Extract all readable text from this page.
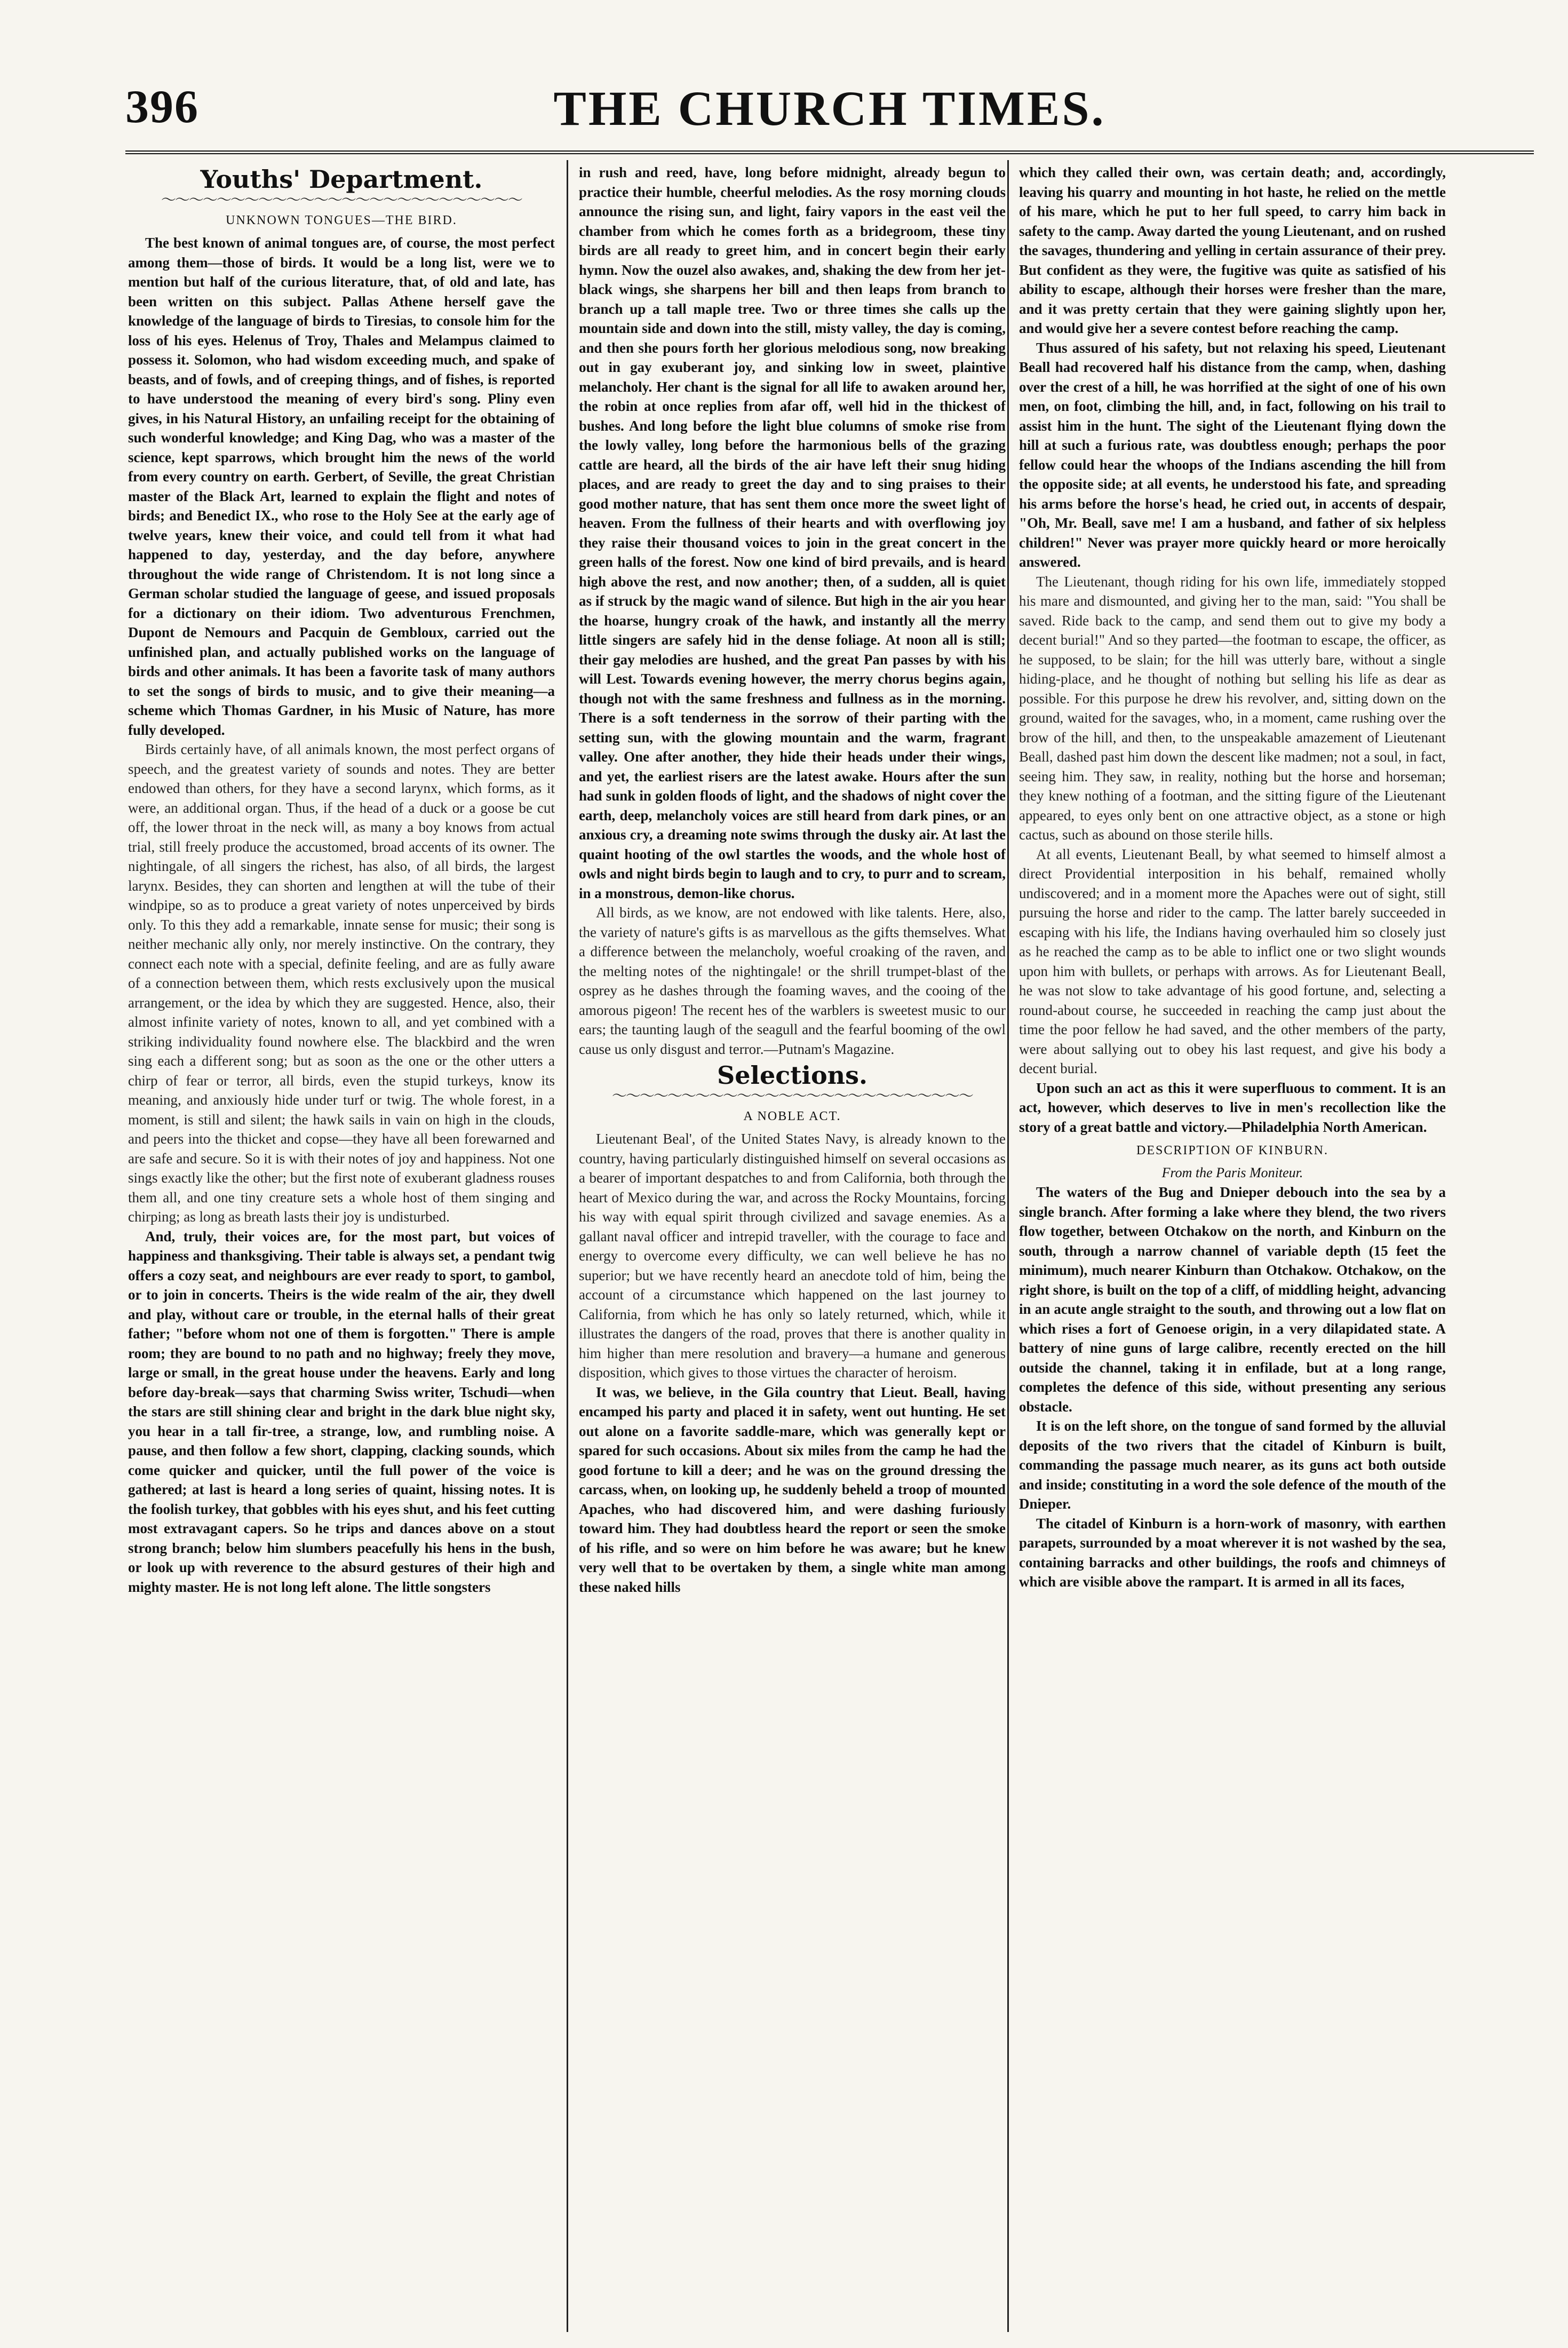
396	THE CHURCH TIMES.
Youths' Department.
〜〜〜〜〜〜〜〜〜〜〜〜〜〜〜〜〜〜〜〜〜〜〜〜〜〜
UNKNOWN TONGUES—THE BIRD.

The best known of animal tongues are, of course, the most perfect among them—those of birds. It would be a long list, were we to mention but half of the curious literature, that, of old and late, has been written on this subject. Pallas Athene herself gave the knowledge of the language of birds to Tiresias, to console him for the loss of his eyes. Helenus of Troy, Thales and Melampus claimed to possess it. Solomon, who had wisdom exceeding much, and spake of beasts, and of fowls, and of creeping things, and of fishes, is reported to have understood the meaning of every bird's song. Pliny even gives, in his Natural History, an unfailing receipt for the obtaining of such wonderful knowledge; and King Dag, who was a master of the science, kept sparrows, which brought him the news of the world from every country on earth. Gerbert, of Seville, the great Christian master of the Black Art, learned to explain the flight and notes of birds; and Benedict IX., who rose to the Holy See at the early age of twelve years, knew their voice, and could tell from it what had happened to day, yesterday, and the day before, anywhere throughout the wide range of Christendom. It is not long since a German scholar studied the language of geese, and issued proposals for a dictionary on their idiom. Two adventurous Frenchmen, Dupont de Nemours and Pacquin de Gembloux, carried out the unfinished plan, and actually published works on the language of birds and other animals. It has been a favorite task of many authors to set the songs of birds to music, and to give their meaning—a scheme which Thomas Gardner, in his Music of Nature, has more fully developed.

Birds certainly have, of all animals known, the most perfect organs of speech, and the greatest variety of sounds and notes. They are better endowed than others, for they have a second larynx, which forms, as it were, an additional organ. Thus, if the head of a duck or a goose be cut off, the lower throat in the neck will, as many a boy knows from actual trial, still freely produce the accustomed, broad accents of its owner. The nightingale, of all singers the richest, has also, of all birds, the largest larynx. Besides, they can shorten and lengthen at will the tube of their windpipe, so as to produce a great variety of notes unperceived by birds only. To this they add a remarkable, innate sense for music; their song is neither mechanic ally only, nor merely instinctive. On the contrary, they connect each note with a special, definite feeling, and are as fully aware of a connection between them, which rests exclusively upon the musical arrangement, or the idea by which they are suggested. Hence, also, their almost infinite variety of notes, known to all, and yet combined with a striking individuality found nowhere else. The blackbird and the wren sing each a different song; but as soon as the one or the other utters a chirp of fear or terror, all birds, even the stupid turkeys, know its meaning, and anxiously hide under turf or twig. The whole forest, in a moment, is still and silent; the hawk sails in vain on high in the clouds, and peers into the thicket and copse—they have all been forewarned and are safe and secure. So it is with their notes of joy and happiness. Not one sings exactly like the other; but the first note of exuberant gladness rouses them all, and one tiny creature sets a whole host of them singing and chirping; as long as breath lasts their joy is undisturbed.

And, truly, their voices are, for the most part, but voices of happiness and thanksgiving. Their table is always set, a pendant twig offers a cozy seat, and neighbours are ever ready to sport, to gambol, or to join in concerts. Theirs is the wide realm of the air, they dwell and play, without care or trouble, in the eternal halls of their great father; "before whom not one of them is forgotten." There is ample room; they are bound to no path and no highway; freely they move, large or small, in the great house under the heavens. Early and long before day-break—says that charming Swiss writer, Tschudi—when the stars are still shining clear and bright in the dark blue night sky, you hear in a tall fir-tree, a strange, low, and rumbling noise. A pause, and then follow a few short, clapping, clacking sounds, which come quicker and quicker, until the full power of the voice is gathered; at last is heard a long series of quaint, hissing notes. It is the foolish turkey, that gobbles with his eyes shut, and his feet cutting most extravagant capers. So he trips and dances above on a stout strong branch; below him slumbers peacefully his hens in the bush, or look up with reverence to the absurd gestures of their high and mighty master. He is not long left alone. The little songsters

in rush and reed, have, long before midnight, already begun to practice their humble, cheerful melodies. As the rosy morning clouds announce the rising sun, and light, fairy vapors in the east veil the chamber from which he comes forth as a bridegroom, these tiny birds are all ready to greet him, and in concert begin their early hymn. Now the ouzel also awakes, and, shaking the dew from her jet-black wings, she sharpens her bill and then leaps from branch to branch up a tall maple tree. Two or three times she calls up the mountain side and down into the still, misty valley, the day is coming, and then she pours forth her glorious melodious song, now breaking out in gay exuberant joy, and sinking low in sweet, plaintive melancholy. Her chant is the signal for all life to awaken around her, the robin at once replies from afar off, well hid in the thickest of bushes. And long before the light blue columns of smoke rise from the lowly valley, long before the harmonious bells of the grazing cattle are heard, all the birds of the air have left their snug hiding places, and are ready to greet the day and to sing praises to their good mother nature, that has sent them once more the sweet light of heaven. From the fullness of their hearts and with overflowing joy they raise their thousand voices to join in the great concert in the green halls of the forest. Now one kind of bird prevails, and is heard high above the rest, and now another; then, of a sudden, all is quiet as if struck by the magic wand of silence. But high in the air you hear the hoarse, hungry croak of the hawk, and instantly all the merry little singers are safely hid in the dense foliage. At noon all is still; their gay melodies are hushed, and the great Pan passes by with his will Lest. Towards evening however, the merry chorus begins again, though not with the same freshness and fullness as in the morning. There is a soft tenderness in the sorrow of their parting with the setting sun, with the glowing mountain and the warm, fragrant valley. One after another, they hide their heads under their wings, and yet, the earliest risers are the latest awake. Hours after the sun had sunk in golden floods of light, and the shadows of night cover the earth, deep, melancholy voices are still heard from dark pines, or an anxious cry, a dreaming note swims through the dusky air. At last the quaint hooting of the owl startles the woods, and the whole host of owls and night birds begin to laugh and to cry, to purr and to scream, in a monstrous, demon-like chorus.

All birds, as we know, are not endowed with like talents. Here, also, the variety of nature's gifts is as marvellous as the gifts themselves. What a difference between the melancholy, woeful croaking of the raven, and the melting notes of the nightingale! or the shrill trumpet-blast of the osprey as he dashes through the foaming waves, and the cooing of the amorous pigeon! The recent hes of the warblers is sweetest music to our ears; the taunting laugh of the seagull and the fearful booming of the owl cause us only disgust and terror.—Putnam's Magazine.

Selections.
〜〜〜〜〜〜〜〜〜〜〜〜〜〜〜〜〜〜〜〜〜〜〜〜〜〜
A NOBLE ACT.

Lieutenant Beal', of the United States Navy, is already known to the country, having particularly distinguished himself on several occasions as a bearer of important despatches to and from California, both through the heart of Mexico during the war, and across the Rocky Mountains, forcing his way with equal spirit through civilized and savage enemies. As a gallant naval officer and intrepid traveller, with the courage to face and energy to overcome every difficulty, we can well believe he has no superior; but we have recently heard an anecdote told of him, being the account of a circumstance which happened on the last journey to California, from which he has only so lately returned, which, while it illustrates the dangers of the road, proves that there is another quality in him higher than mere resolution and bravery—a humane and generous disposition, which gives to those virtues the character of heroism.

It was, we believe, in the Gila country that Lieut. Beall, having encamped his party and placed it in safety, went out hunting. He set out alone on a favorite saddle-mare, which was generally kept or spared for such occasions. About six miles from the camp he had the good fortune to kill a deer; and he was on the ground dressing the carcass, when, on looking up, he suddenly beheld a troop of mounted Apaches, who had discovered him, and were dashing furiously toward him. They had doubtless heard the report or seen the smoke of his rifle, and so were on him before he was aware; but he knew very well that to be overtaken by them, a single white man among these naked hills

which they called their own, was certain death; and, accordingly, leaving his quarry and mounting in hot haste, he relied on the mettle of his mare, which he put to her full speed, to carry him back in safety to the camp. Away darted the young Lieutenant, and on rushed the savages, thundering and yelling in certain assurance of their prey. But confident as they were, the fugitive was quite as satisfied of his ability to escape, although their horses were fresher than the mare, and it was pretty certain that they were gaining slightly upon her, and would give her a severe contest before reaching the camp.

Thus assured of his safety, but not relaxing his speed, Lieutenant Beall had recovered half his distance from the camp, when, dashing over the crest of a hill, he was horrified at the sight of one of his own men, on foot, climbing the hill, and, in fact, following on his trail to assist him in the hunt. The sight of the Lieutenant flying down the hill at such a furious rate, was doubtless enough; perhaps the poor fellow could hear the whoops of the Indians ascending the hill from the opposite side; at all events, he understood his fate, and spreading his arms before the horse's head, he cried out, in accents of despair, "Oh, Mr. Beall, save me! I am a husband, and father of six helpless children!" Never was prayer more quickly heard or more heroically answered.

The Lieutenant, though riding for his own life, immediately stopped his mare and dismounted, and giving her to the man, said: "You shall be saved. Ride back to the camp, and send them out to give my body a decent burial!" And so they parted—the footman to escape, the officer, as he supposed, to be slain; for the hill was utterly bare, without a single hiding-place, and he thought of nothing but selling his life as dear as possible. For this purpose he drew his revolver, and, sitting down on the ground, waited for the savages, who, in a moment, came rushing over the brow of the hill, and then, to the unspeakable amazement of Lieutenant Beall, dashed past him down the descent like madmen; not a soul, in fact, seeing him. They saw, in reality, nothing but the horse and horseman; they knew nothing of a footman, and the sitting figure of the Lieutenant appeared, to eyes only bent on one attractive object, as a stone or high cactus, such as abound on those sterile hills.

At all events, Lieutenant Beall, by what seemed to himself almost a direct Providential interposition in his behalf, remained wholly undiscovered; and in a moment more the Apaches were out of sight, still pursuing the horse and rider to the camp. The latter barely succeeded in escaping with his life, the Indians having overhauled him so closely just as he reached the camp as to be able to inflict one or two slight wounds upon him with bullets, or perhaps with arrows. As for Lieutenant Beall, he was not slow to take advantage of his good fortune, and, selecting a round-about course, he succeeded in reaching the camp just about the time the poor fellow he had saved, and the other members of the party, were about sallying out to obey his last request, and give his body a decent burial.

Upon such an act as this it were superfluous to comment. It is an act, however, which deserves to live in men's recollection like the story of a great battle and victory.—Philadelphia North American.

DESCRIPTION OF KINBURN.
From the Paris Moniteur.

The waters of the Bug and Dnieper debouch into the sea by a single branch. After forming a lake where they blend, the two rivers flow together, between Otchakow on the north, and Kinburn on the south, through a narrow channel of variable depth (15 feet the minimum), much nearer Kinburn than Otchakow. Otchakow, on the right shore, is built on the top of a cliff, of middling height, advancing in an acute angle straight to the south, and throwing out a low flat on which rises a fort of Genoese origin, in a very dilapidated state. A battery of nine guns of large calibre, recently erected on the hill outside the channel, taking it in enfilade, but at a long range, completes the defence of this side, without presenting any serious obstacle.

It is on the left shore, on the tongue of sand formed by the alluvial deposits of the two rivers that the citadel of Kinburn is built, commanding the passage much nearer, as its guns act both outside and inside; constituting in a word the sole defence of the mouth of the Dnieper.

The citadel of Kinburn is a horn-work of masonry, with earthen parapets, surrounded by a moat wherever it is not washed by the sea, containing barracks and other buildings, the roofs and chimneys of which are visible above the rampart. It is armed in all its faces,
